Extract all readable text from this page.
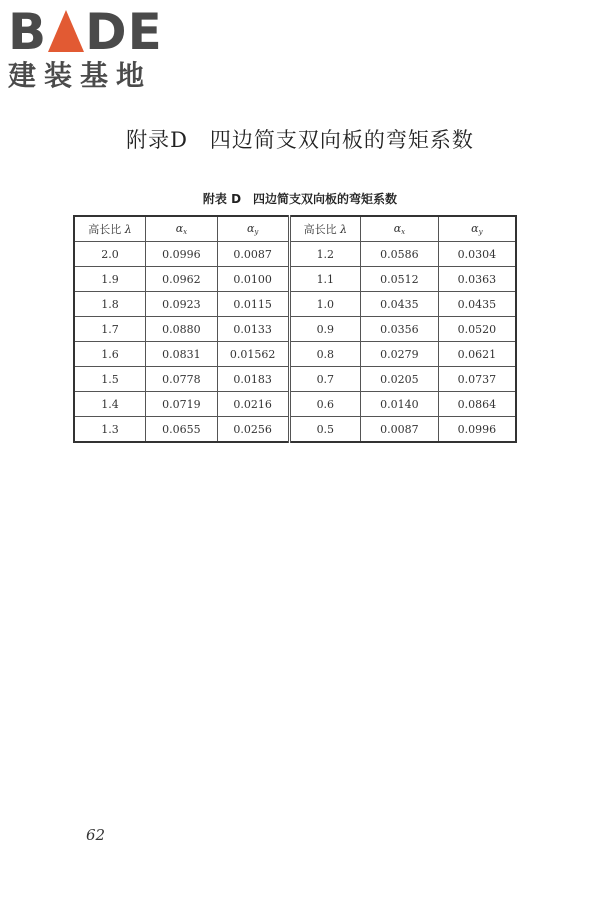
B DE
建装基地
附录D　四边简支双向板的弯矩系数
附表 D　四边简支双向板的弯矩系数
高长比 λ	$\alpha_x$	$\alpha_y$	高长比 λ	$\alpha_x$	$\alpha_y$
2.0	0.0996	0.0087	1.2	0.0586	0.0304
1.9	0.0962	0.0100	1.1	0.0512	0.0363
1.8	0.0923	0.0115	1.0	0.0435	0.0435
1.7	0.0880	0.0133	0.9	0.0356	0.0520
1.6	0.0831	0.01562	0.8	0.0279	0.0621
1.5	0.0778	0.0183	0.7	0.0205	0.0737
1.4	0.0719	0.0216	0.6	0.0140	0.0864
1.3	0.0655	0.0256	0.5	0.0087	0.0996
62
